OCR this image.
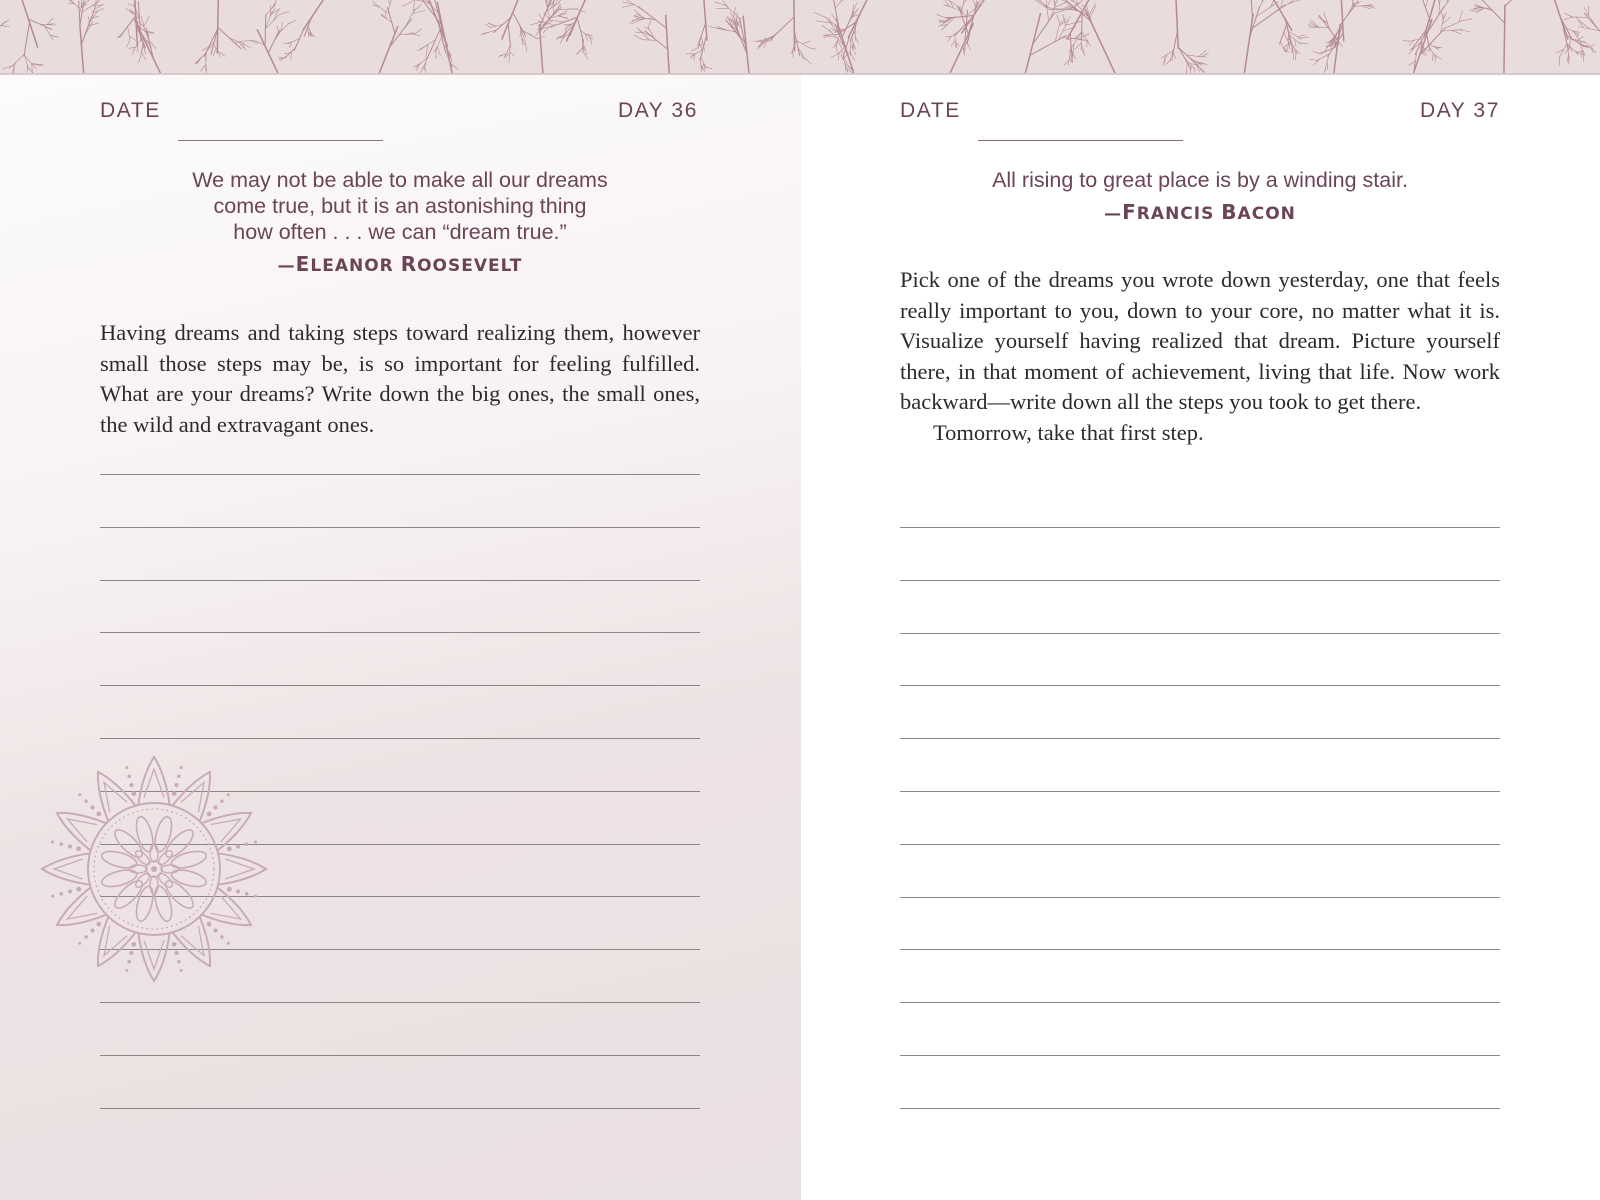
DATE	DAY 36
We may not be able to make all our dreams
come true, but it is an astonishing thing
how often . . . we can “dream true.”
—ELEANOR ROOSEVELT

Having dreams and taking steps toward realizing them, however small those steps may be, is so important for feeling fulfilled. What are your dreams? Write down the big ones, the small ones, the wild and extravagant ones.

DATE	DAY 37
All rising to great place is by a winding stair.
—FRANCIS BACON

Pick one of the dreams you wrote down yesterday, one that feels really important to you, down to your core, no matter what it is. Visualize yourself having realized that dream. Picture yourself there, in that moment of achievement, living that life. Now work backward—write down all the steps you took to get there.

Tomorrow, take that first step.
